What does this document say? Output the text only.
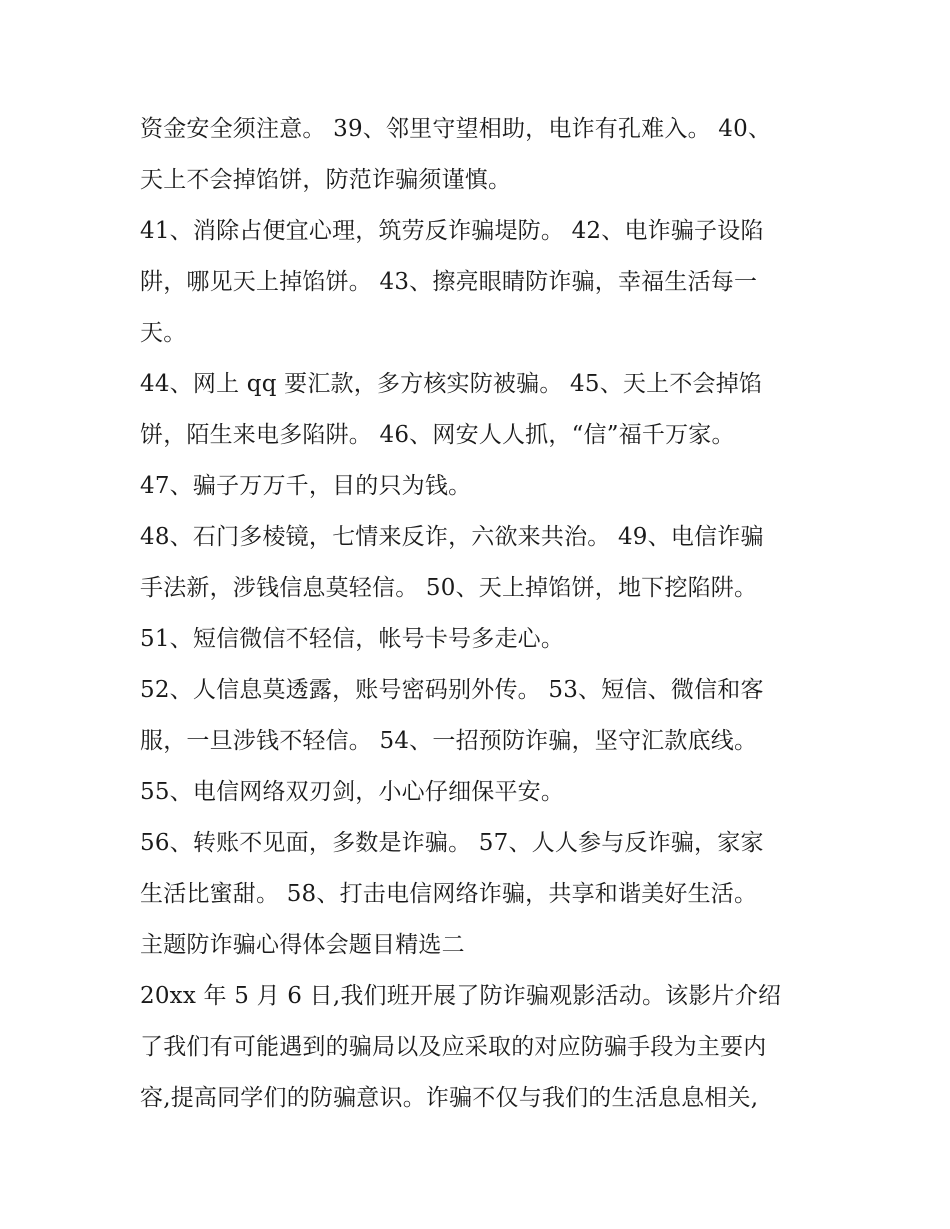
资金安全须注意。 39、邻里守望相助，电诈有孔难入。 40、
天上不会掉馅饼，防范诈骗须谨慎。
41、消除占便宜心理，筑劳反诈骗堤防。 42、电诈骗子设陷
阱，哪见天上掉馅饼。 43、擦亮眼睛防诈骗，幸福生活每一
天。
44、网上 qq 要汇款，多方核实防被骗。 45、天上不会掉馅
饼，陌生来电多陷阱。 46、网安人人抓，“信”福千万家。
47、骗子万万千，目的只为钱。
48、石门多棱镜，七情来反诈，六欲来共治。 49、电信诈骗
手法新，涉钱信息莫轻信。 50、天上掉馅饼，地下挖陷阱。
51、短信微信不轻信，帐号卡号多走心。
52、人信息莫透露，账号密码别外传。 53、短信、微信和客
服，一旦涉钱不轻信。 54、一招预防诈骗，坚守汇款底线。
55、电信网络双刃剑，小心仔细保平安。
56、转账不见面，多数是诈骗。 57、人人参与反诈骗，家家
生活比蜜甜。 58、打击电信网络诈骗，共享和谐美好生活。
主题防诈骗心得体会题目精选二
20xx 年 5 月 6 日,我们班开展了防诈骗观影活动。该影片介绍
了我们有可能遇到的骗局以及应采取的对应防骗手段为主要内
容,提高同学们的防骗意识。诈骗不仅与我们的生活息息相关,
